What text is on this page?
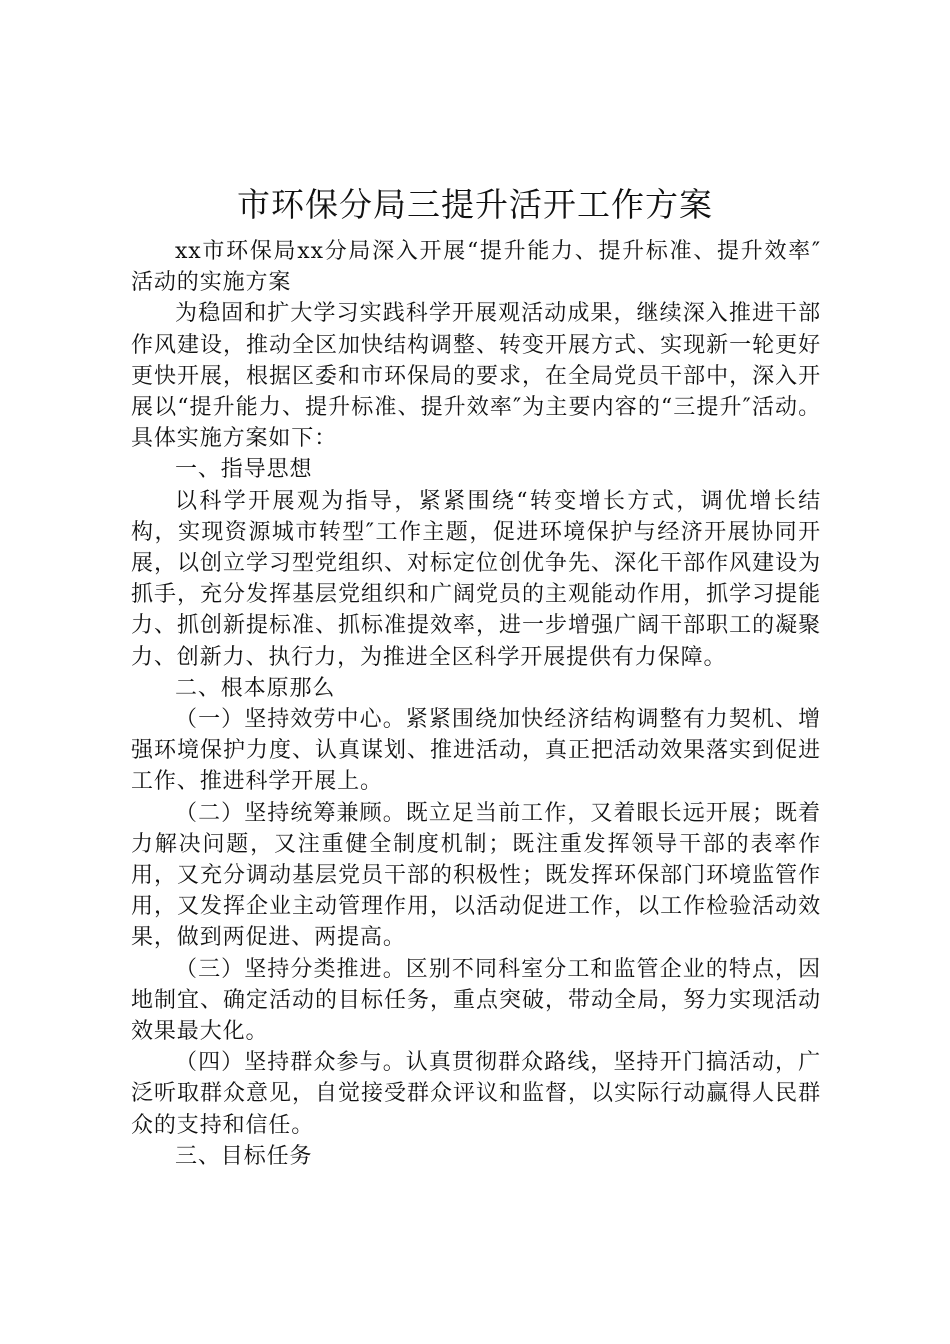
市环保分局三提升活开工作方案

xx市环保局xx分局深入开展“提升能力、提升标准、提升效率″活动的实施方案

为稳固和扩大学习实践科学开展观活动成果，继续深入推进干部作风建设，推动全区加快结构调整、转变开展方式、实现新一轮更好更快开展，根据区委和市环保局的要求，在全局党员干部中，深入开展以“提升能力、提升标准、提升效率″为主要内容的“三提升″活动。具体实施方案如下：

一、指导思想

以科学开展观为指导，紧紧围绕“转变增长方式，调优增长结构，实现资源城市转型″工作主题，促进环境保护与经济开展协同开展，以创立学习型党组织、对标定位创优争先、深化干部作风建设为抓手，充分发挥基层党组织和广阔党员的主观能动作用，抓学习提能力、抓创新提标准、抓标准提效率，进一步增强广阔干部职工的凝聚力、创新力、执行力，为推进全区科学开展提供有力保障。

二、根本原那么

（一）坚持效劳中心。紧紧围绕加快经济结构调整有力契机、增强环境保护力度、认真谋划、推进活动，真正把活动效果落实到促进工作、推进科学开展上。

（二）坚持统筹兼顾。既立足当前工作，又着眼长远开展；既着力解决问题，又注重健全制度机制；既注重发挥领导干部的表率作用，又充分调动基层党员干部的积极性；既发挥环保部门环境监管作用，又发挥企业主动管理作用，以活动促进工作，以工作检验活动效果，做到两促进、两提高。

（三）坚持分类推进。区别不同科室分工和监管企业的特点，因地制宜、确定活动的目标任务，重点突破，带动全局，努力实现活动效果最大化。

（四）坚持群众参与。认真贯彻群众路线，坚持开门搞活动，广泛听取群众意见，自觉接受群众评议和监督，以实际行动赢得人民群众的支持和信任。

三、目标任务
